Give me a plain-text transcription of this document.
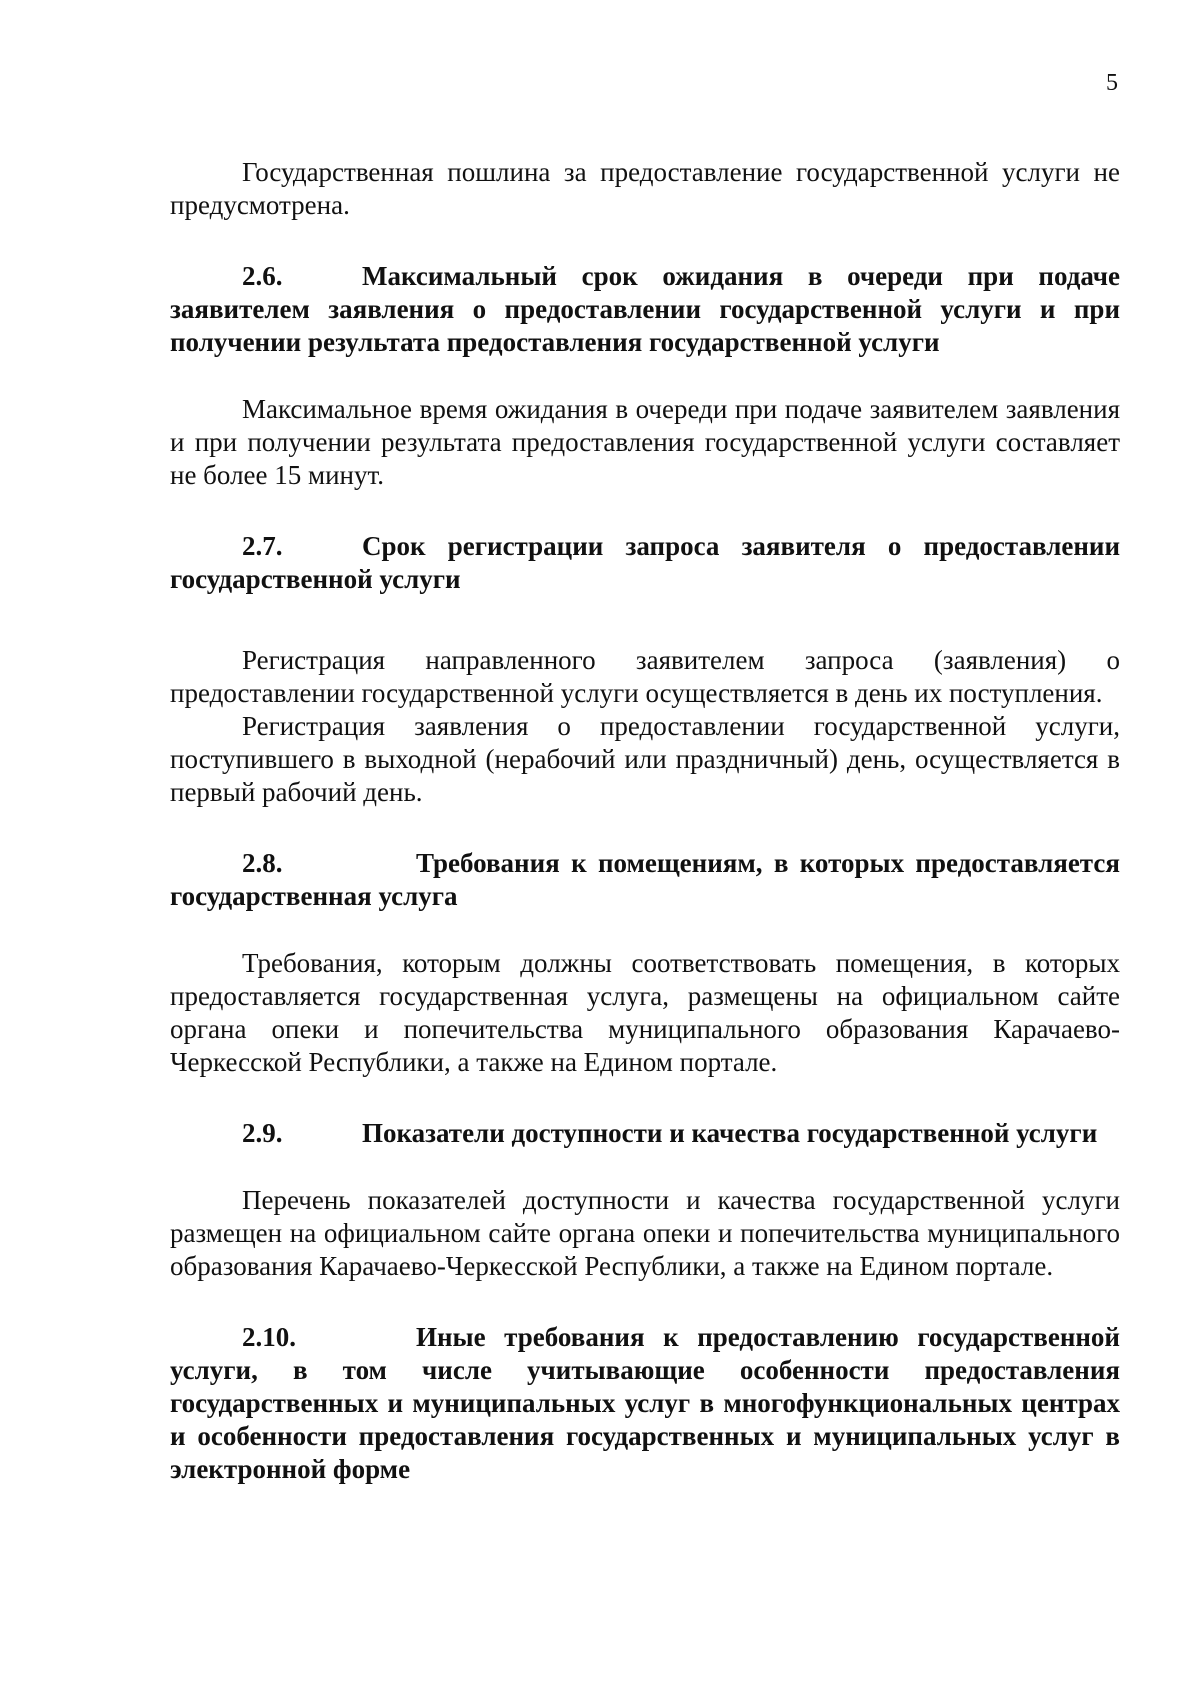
5

Государственная пошлина за предоставление государственной услуги не предусмотрена.

2.6.	Максимальный срок ожидания в очереди при подаче заявителем заявления о предоставлении государственной услуги и при получении результата предоставления государственной услуги

Максимальное время ожидания в очереди при подаче заявителем заявления и при получении результата предоставления государственной услуги составляет не более 15 минут.

2.7.	Срок регистрации запроса заявителя о предоставлении государственной услуги

Регистрация направленного заявителем запроса (заявления) о предоставлении государственной услуги осуществляется в день их поступления.

Регистрация заявления о предоставлении государственной услуги, поступившего в выходной (нерабочий или праздничный) день, осуществляется в первый рабочий день.

2.8.	Требования к помещениям, в которых предоставляется государственная услуга

Требования, которым должны соответствовать помещения, в которых предоставляется государственная услуга, размещены на официальном сайте органа опеки и попечительства муниципального образования Карачаево-Черкесской Республики, а также на Едином портале.

2.9.	Показатели доступности и качества государственной услуги

Перечень показателей доступности и качества государственной услуги размещен на официальном сайте органа опеки и попечительства муниципального образования Карачаево-Черкесской Республики, а также на Едином портале.

2.10.	Иные требования к предоставлению государственной услуги, в том числе учитывающие особенности предоставления государственных и муниципальных услуг в многофункциональных центрах и особенности предоставления государственных и муниципальных услуг в электронной форме
